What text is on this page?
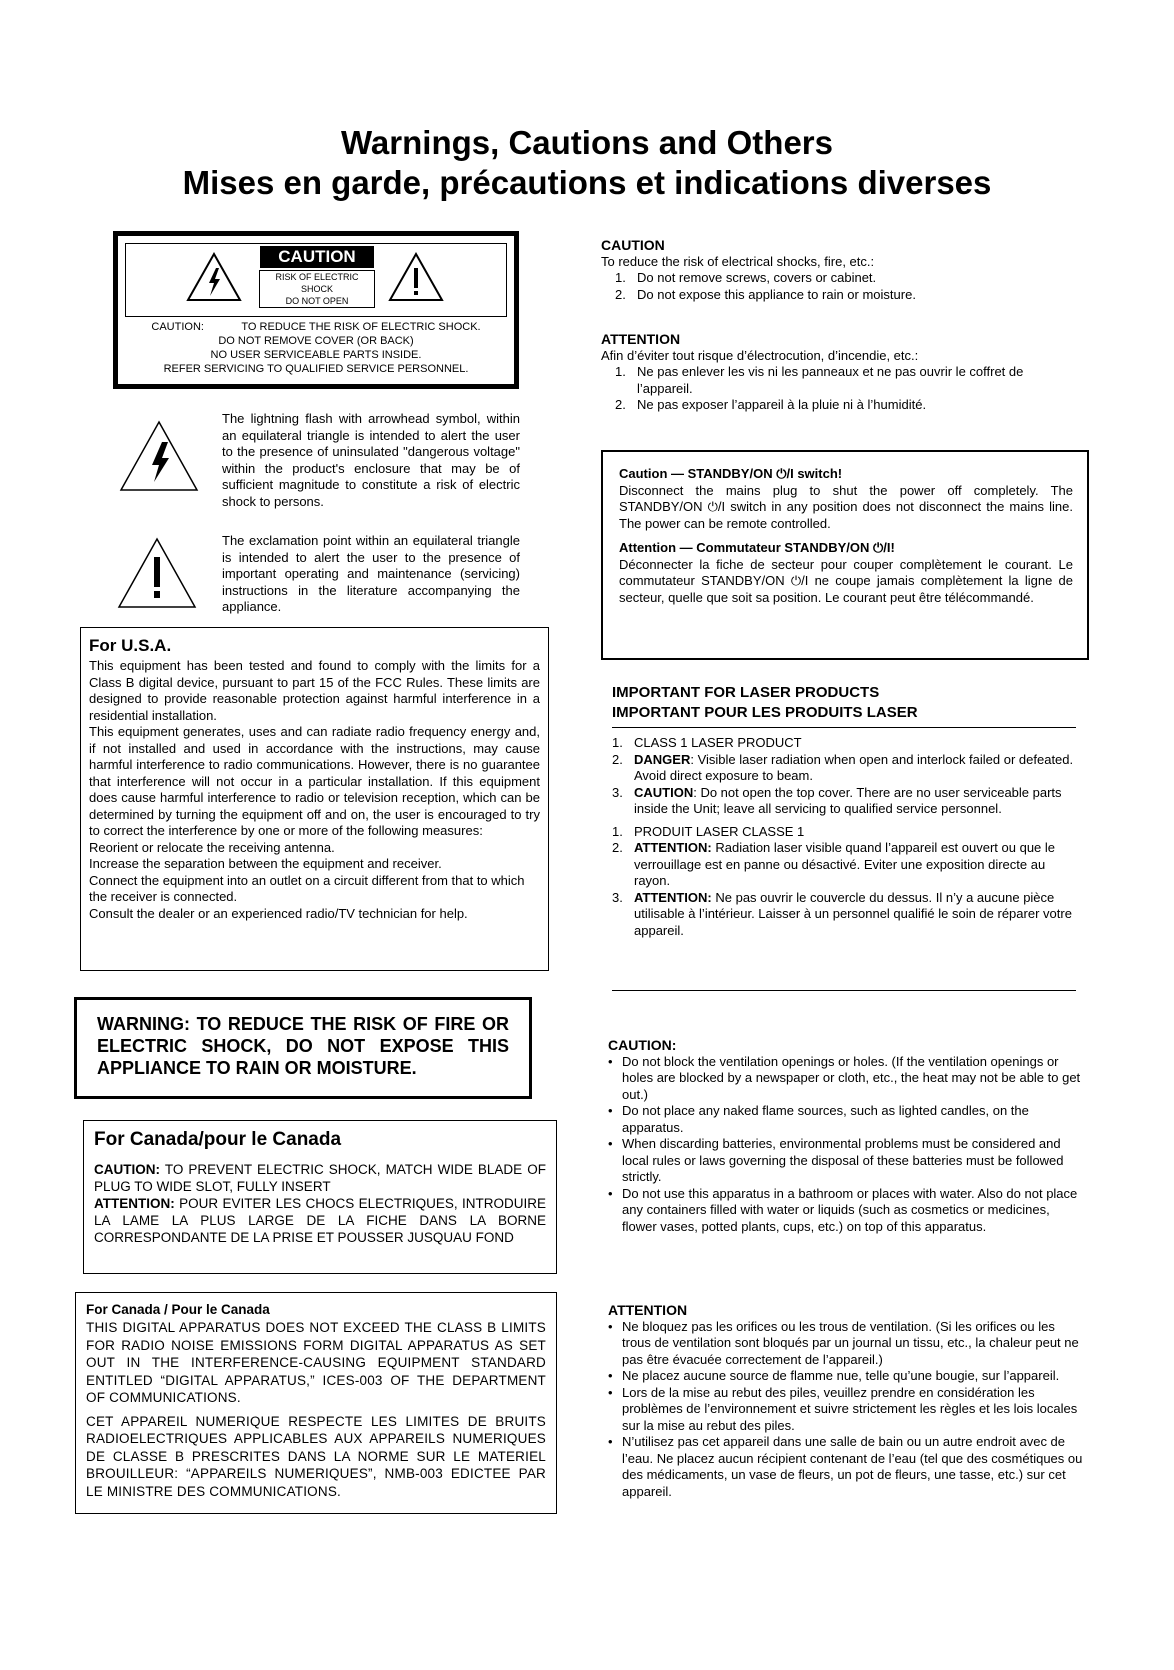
Warnings, Cautions and Others
Mises en garde, précautions et indications diverses
CAUTION
RISK OF ELECTRIC SHOCK
DO NOT OPEN
CAUTION:	TO REDUCE THE RISK OF ELECTRIC SHOCK.
DO NOT REMOVE COVER (OR BACK)
NO USER SERVICEABLE PARTS INSIDE.
REFER SERVICING TO QUALIFIED SERVICE PERSONNEL.
The lightning flash with arrowhead symbol, within an equilateral triangle is intended to alert the user to the presence of uninsulated "dangerous voltage" within the product's enclosure that may be of sufficient magnitude to constitute a risk of electric shock to persons.
The exclamation point within an equilateral triangle is intended to alert the user to the presence of important operating and maintenance (servicing) instructions in the literature accompanying the appliance.
For U.S.A.
This equipment has been tested and found to comply with the limits for a Class B digital device, pursuant to part 15 of the FCC Rules. These limits are designed to provide reasonable protection against harmful interference in a residential installation.
This equipment generates, uses and can radiate radio frequency energy and, if not installed and used in accordance with the instructions, may cause harmful interference to radio communications. However, there is no guarantee that interference will not occur in a particular installation. If this equipment does cause harmful interference to radio or television reception, which can be determined by turning the equipment off and on, the user is encouraged to try to correct the interference by one or more of the following measures:
Reorient or relocate the receiving antenna.
Increase the separation between the equipment and receiver.
Connect the equipment into an outlet on a circuit different from that to which the receiver is connected.
Consult the dealer or an experienced radio/TV technician for help.
WARNING: TO REDUCE THE RISK OF FIRE OR ELECTRIC SHOCK, DO NOT EXPOSE THIS APPLIANCE TO RAIN OR MOISTURE.
For Canada/pour le Canada
CAUTION: TO PREVENT ELECTRIC SHOCK, MATCH WIDE BLADE OF PLUG TO WIDE SLOT, FULLY INSERT
ATTENTION: POUR EVITER LES CHOCS ELECTRIQUES, INTRODUIRE LA LAME LA PLUS LARGE DE LA FICHE DANS LA BORNE CORRESPONDANTE DE LA PRISE ET POUSSER JUSQUAU FOND
For Canada / Pour le Canada
THIS DIGITAL APPARATUS DOES NOT EXCEED THE CLASS B LIMITS FOR RADIO NOISE EMISSIONS FORM DIGITAL APPARATUS AS SET OUT IN THE INTERFERENCE-CAUSING EQUIPMENT STANDARD ENTITLED “DIGITAL APPARATUS,” ICES-003 OF THE DEPARTMENT OF COMMUNICATIONS.
CET APPAREIL NUMERIQUE RESPECTE LES LIMITES DE BRUITS RADIOELECTRIQUES APPLICABLES AUX APPAREILS NUMERIQUES DE CLASSE B PRESCRITES DANS LA NORME SUR LE MATERIEL BROUILLEUR: “APPAREILS NUMERIQUES”, NMB-003 EDICTEE PAR LE MINISTRE DES COMMUNICATIONS.
CAUTION
To reduce the risk of electrical shocks, fire, etc.:
1. Do not remove screws, covers or cabinet.
2. Do not expose this appliance to rain or moisture.
ATTENTION
Afin d’éviter tout risque d’électrocution, d’incendie, etc.:
1. Ne pas enlever les vis ni les panneaux et ne pas ouvrir le coffret de l’appareil.
2. Ne pas exposer l’appareil à la pluie ni à l’humidité.
Caution — STANDBY/ON ⏻/I switch!
Disconnect the mains plug to shut the power off completely. The STANDBY/ON ⏻/I switch in any position does not disconnect the mains line. The power can be remote controlled.
Attention — Commutateur STANDBY/ON ⏻/I!
Déconnecter la fiche de secteur pour couper complètement le courant. Le commutateur STANDBY/ON ⏻/I ne coupe jamais complètement la ligne de secteur, quelle que soit sa position. Le courant peut être télécommandé.
IMPORTANT FOR LASER PRODUCTS
IMPORTANT POUR LES PRODUITS LASER
1. CLASS 1 LASER PRODUCT
2. DANGER: Visible laser radiation when open and interlock failed or defeated. Avoid direct exposure to beam.
3. CAUTION: Do not open the top cover. There are no user serviceable parts inside the Unit; leave all servicing to qualified service personnel.
1. PRODUIT LASER CLASSE 1
2. ATTENTION: Radiation laser visible quand l’appareil est ouvert ou que le verrouillage est en panne ou désactivé. Eviter une exposition directe au rayon.
3. ATTENTION: Ne pas ouvrir le couvercle du dessus. Il n’y a aucune pièce utilisable à l’intérieur. Laisser à un personnel qualifié le soin de réparer votre appareil.
CAUTION:
• Do not block the ventilation openings or holes. (If the ventilation openings or holes are blocked by a newspaper or cloth, etc., the heat may not be able to get out.)
• Do not place any naked flame sources, such as lighted candles, on the apparatus.
• When discarding batteries, environmental problems must be considered and local rules or laws governing the disposal of these batteries must be followed strictly.
• Do not use this apparatus in a bathroom or places with water. Also do not place any containers filled with water or liquids (such as cosmetics or medicines, flower vases, potted plants, cups, etc.) on top of this apparatus.
ATTENTION
• Ne bloquez pas les orifices ou les trous de ventilation. (Si les orifices ou les trous de ventilation sont bloqués par un journal un tissu, etc., la chaleur peut ne pas être évacuée correctement de l’appareil.)
• Ne placez aucune source de flamme nue, telle qu’une bougie, sur l’appareil.
• Lors de la mise au rebut des piles, veuillez prendre en considération les problèmes de l’environnement et suivre strictement les règles et les lois locales sur la mise au rebut des piles.
• N’utilisez pas cet appareil dans une salle de bain ou un autre endroit avec de l’eau. Ne placez aucun récipient contenant de l’eau (tel que des cosmétiques ou des médicaments, un vase de fleurs, un pot de fleurs, une tasse, etc.) sur cet appareil.
